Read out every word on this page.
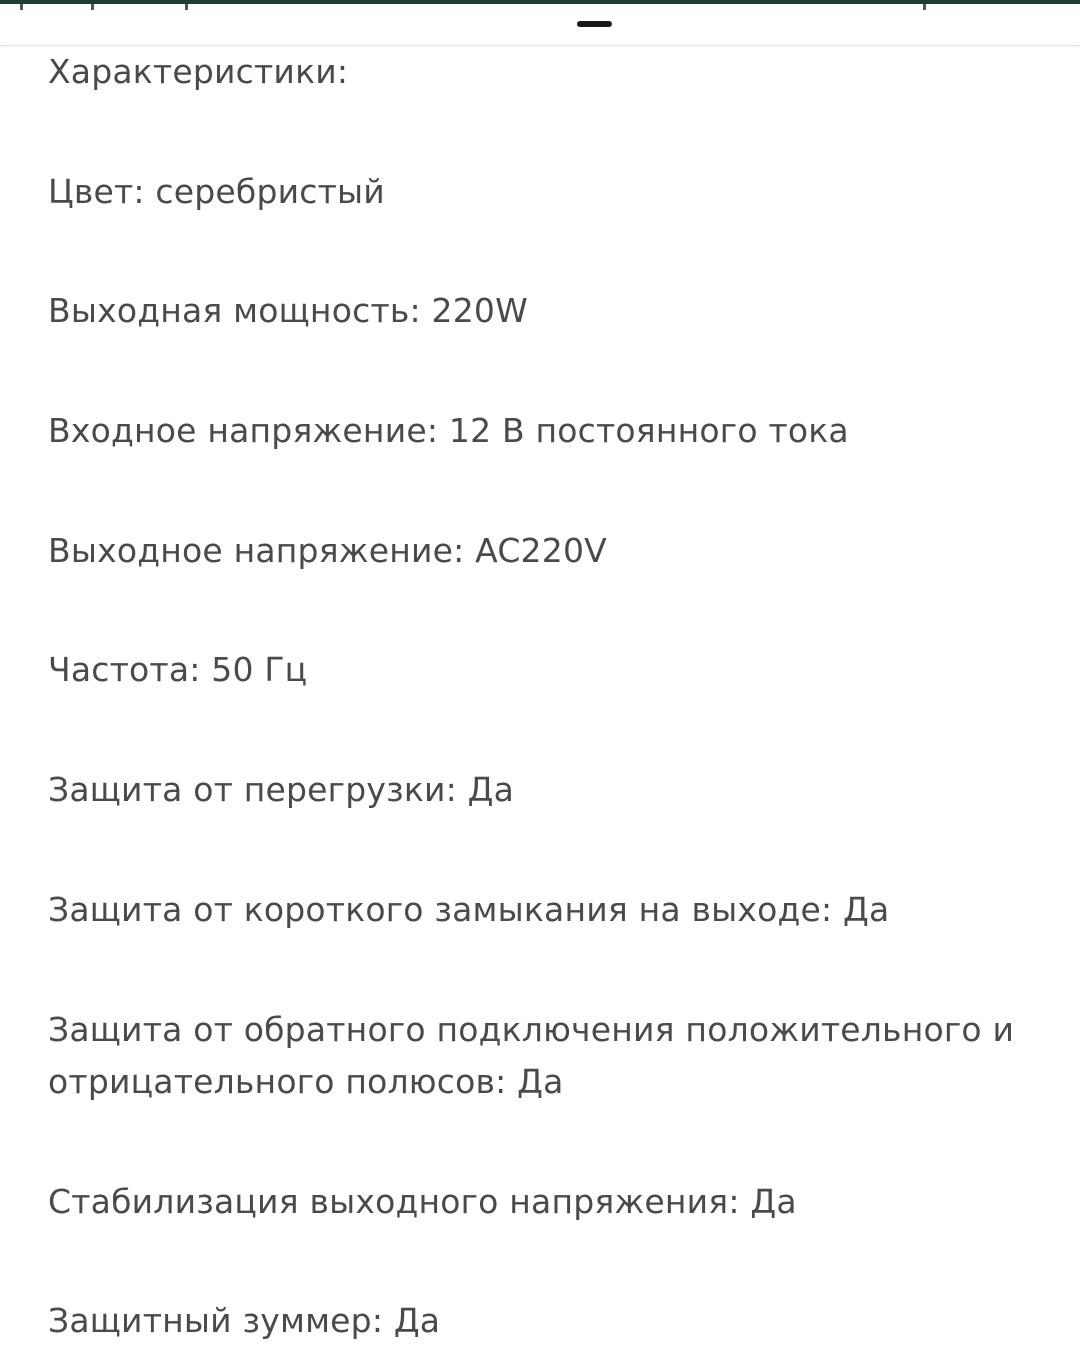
Характеристики:
Цвет: серебристый
Выходная мощность: 220W
Входное напряжение: 12 В постоянного тока
Выходное напряжение: AC220V
Частота: 50 Гц
Защита от перегрузки: Да
Защита от короткого замыкания на выходе: Да
Защита от обратного подключения положительного и
отрицательного полюсов: Да
Стабилизация выходного напряжения: Да
Защитный зуммер: Да
